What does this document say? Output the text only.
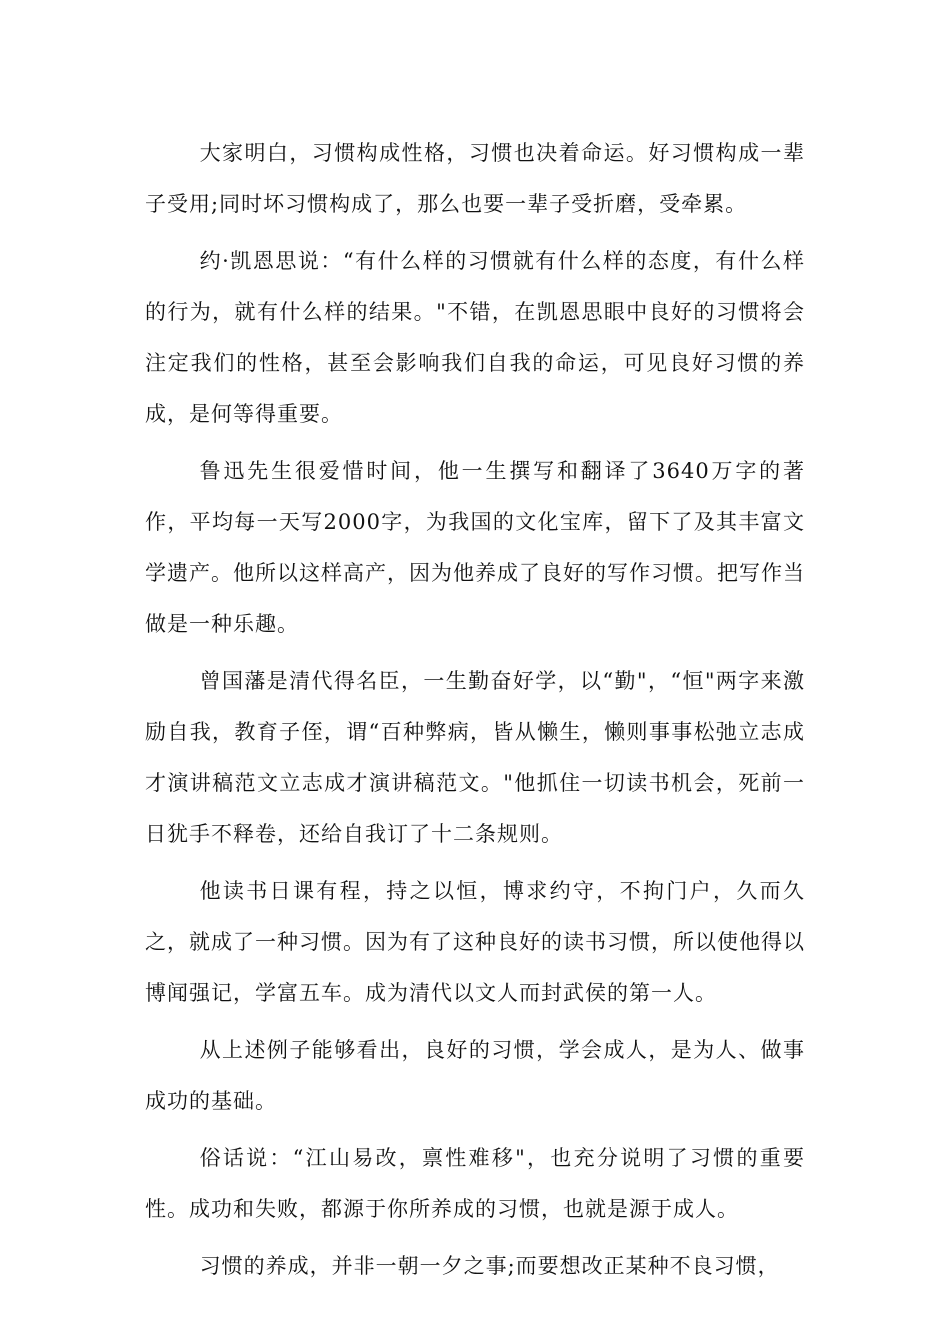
大家明白，习惯构成性格，习惯也决着命运。好习惯构成一辈子受用;同时坏习惯构成了，那么也要一辈子受折磨，受牵累。

约·凯恩思说：“有什么样的习惯就有什么样的态度，有什么样的行为，就有什么样的结果。"不错，在凯恩思眼中良好的习惯将会注定我们的性格，甚至会影响我们自我的命运，可见良好习惯的养成，是何等得重要。

鲁迅先生很爱惜时间，他一生撰写和翻译了3640万字的著作，平均每一天写2000字，为我国的文化宝库，留下了及其丰富文学遗产。他所以这样高产，因为他养成了良好的写作习惯。把写作当做是一种乐趣。

曾国藩是清代得名臣，一生勤奋好学，以“勤"，“恒"两字来激励自我，教育子侄，谓“百种弊病，皆从懒生，懒则事事松弛立志成才演讲稿范文立志成才演讲稿范文。"他抓住一切读书机会，死前一日犹手不释卷，还给自我订了十二条规则。

他读书日课有程，持之以恒，博求约守，不拘门户，久而久之，就成了一种习惯。因为有了这种良好的读书习惯，所以使他得以博闻强记，学富五车。成为清代以文人而封武侯的第一人。

从上述例子能够看出，良好的习惯，学会成人，是为人、做事成功的基础。

俗话说：“江山易改，禀性难移"，也充分说明了习惯的重要性。成功和失败，都源于你所养成的习惯，也就是源于成人。

习惯的养成，并非一朝一夕之事;而要想改正某种不良习惯，
